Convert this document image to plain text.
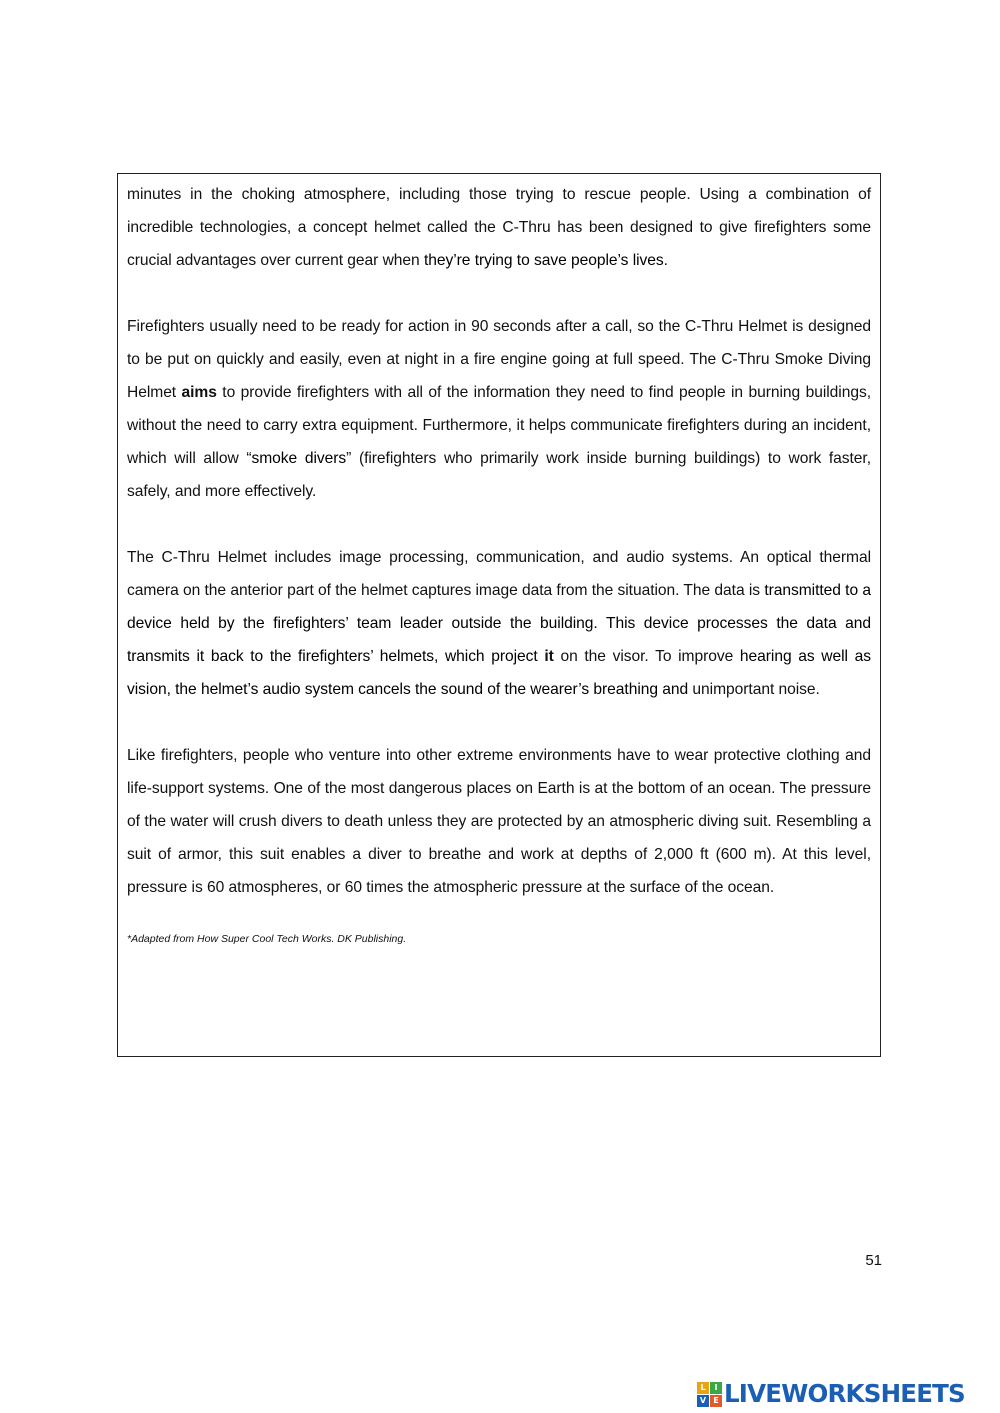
minutes in the choking atmosphere, including those trying to rescue people. Using a combination of incredible technologies, a concept helmet called the C-Thru has been designed to give firefighters some crucial advantages over current gear when they’re trying to save people’s lives.

Firefighters usually need to be ready for action in 90 seconds after a call, so the C-Thru Helmet is designed to be put on quickly and easily, even at night in a fire engine going at full speed. The C-Thru Smoke Diving Helmet aims to provide firefighters with all of the information they need to find people in burning buildings, without the need to carry extra equipment. Furthermore, it helps communicate firefighters during an incident, which will allow “smoke divers” (firefighters who primarily work inside burning buildings) to work faster, safely, and more effectively.

The C-Thru Helmet includes image processing, communication, and audio systems. An optical thermal camera on the anterior part of the helmet captures image data from the situation. The data is transmitted to a device held by the firefighters’ team leader outside the building. This device processes the data and transmits it back to the firefighters’ helmets, which project it on the visor. To improve hearing as well as vision, the helmet’s audio system cancels the sound of the wearer’s breathing and unimportant noise.

Like firefighters, people who venture into other extreme environments have to wear protective clothing and life-support systems. One of the most dangerous places on Earth is at the bottom of an ocean. The pressure of the water will crush divers to death unless they are protected by an atmospheric diving suit. Resembling a suit of armor, this suit enables a diver to breathe and work at depths of 2,000 ft (600 m). At this level, pressure is 60 atmospheres, or 60 times the atmospheric pressure at the surface of the ocean.

*Adapted from How Super Cool Tech Works. DK Publishing.

51
L	I
V E LIVEWORKSHEETS
